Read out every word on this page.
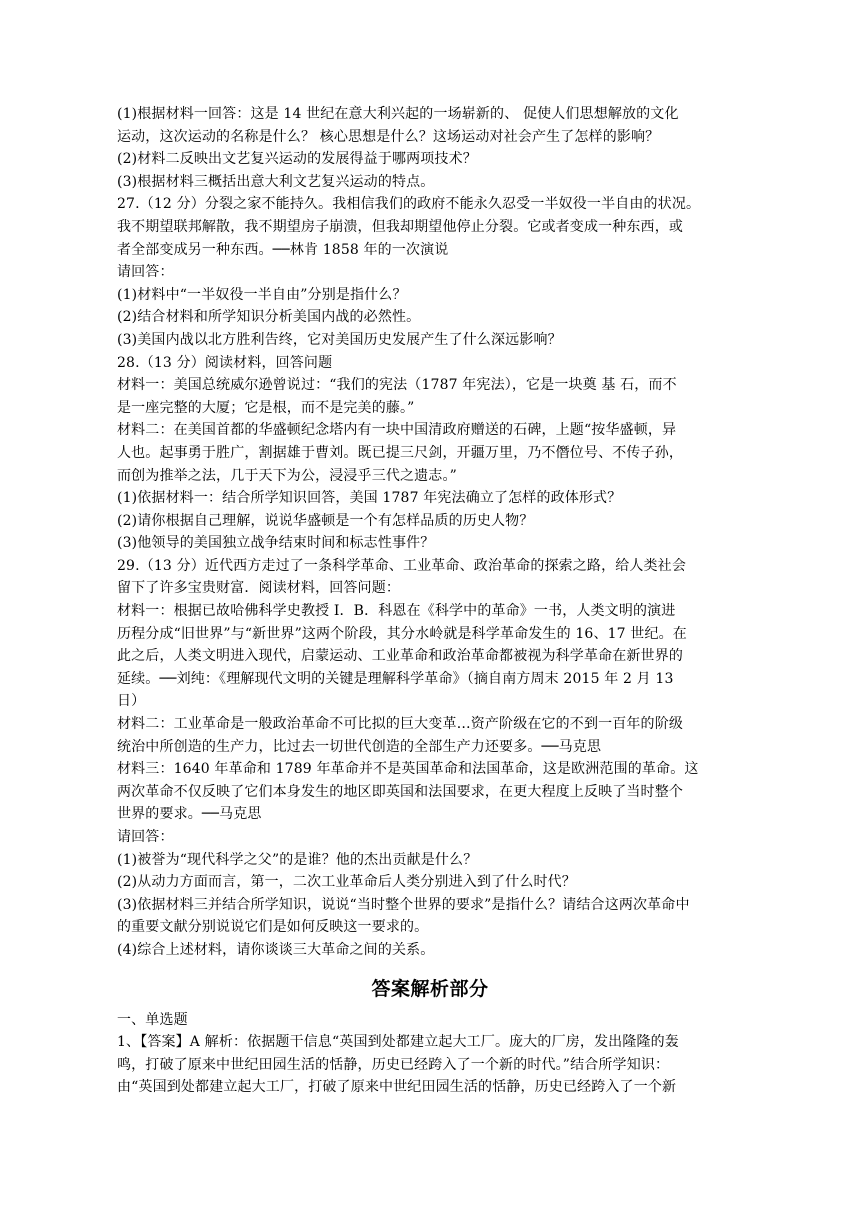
(1)根据材料一回答：这是 14 世纪在意大利兴起的一场崭新的、 促使人们思想解放的文化
运动，这次运动的名称是什么？ 核心思想是什么？这场运动对社会产生了怎样的影响？
(2)材料二反映出文艺复兴运动的发展得益于哪两项技术？
(3)根据材料三概括出意大利文艺复兴运动的特点。
27.（12 分）分裂之家不能持久。我相信我们的政府不能永久忍受一半奴役一半自由的状况。
我不期望联邦解散，我不期望房子崩溃，但我却期望他停止分裂。它或者变成一种东西，或
者全部变成另一种东西。──林肯 1858 年的一次演说
请回答：
(1)材料中“一半奴役一半自由”分别是指什么？
(2)结合材料和所学知识分析美国内战的必然性。
(3)美国内战以北方胜利告终，它对美国历史发展产生了什么深远影响？
28.（13 分）阅读材料，回答问题
材料一：美国总统威尔逊曾说过：“我们的宪法（1787 年宪法），它是一块奠 基 石，而不
是一座完整的大厦；它是根，而不是完美的藤。”
材料二：在美国首都的华盛顿纪念塔内有一块中国清政府赠送的石碑，上题“按华盛顿，异
人也。起事勇于胜广，割据雄于曹刘。既已提三尺剑，开疆万里，乃不僭位号、不传子孙，
而创为推举之法，几于天下为公，浸浸乎三代之遗志。”
(1)依据材料一：结合所学知识回答，美国 1787 年宪法确立了怎样的政体形式？
(2)请你根据自己理解，说说华盛顿是一个有怎样品质的历史人物？
(3)他领导的美国独立战争结束时间和标志性事件？
29.（13 分）近代西方走过了一条科学革命、工业革命、政治革命的探索之路，给人类社会
留下了许多宝贵财富．阅读材料，回答问题：
材料一：根据已故哈佛科学史教授 I．B．科恩在《科学中的革命》一书，人类文明的演进
历程分成“旧世界”与“新世界”这两个阶段，其分水岭就是科学革命发生的 16、17 世纪。在
此之后，人类文明进入现代，启蒙运动、工业革命和政治革命都被视为科学革命在新世界的
延续。──刘纯：《理解现代文明的关键是理解科学革命》（摘自南方周末 2015 年 2 月 13
日）
材料二：工业革命是一般政治革命不可比拟的巨大变革…资产阶级在它的不到一百年的阶级
统治中所创造的生产力，比过去一切世代创造的全部生产力还要多。──马克思
材料三：1640 年革命和 1789 年革命并不是英国革命和法国革命，这是欧洲范围的革命。这
两次革命不仅反映了它们本身发生的地区即英国和法国要求，在更大程度上反映了当时整个
世界的要求。──马克思
请回答：
(1)被誉为“现代科学之父”的是谁？他的杰出贡献是什么？
(2)从动力方面而言，第一，二次工业革命后人类分别进入到了什么时代？
(3)依据材料三并结合所学知识，说说“当时整个世界的要求”是指什么？请结合这两次革命中
的重要文献分别说说它们是如何反映这一要求的。
(4)综合上述材料，请你谈谈三大革命之间的关系。
答案解析部分
一、单选题
1、【答案】A 解析：依据题干信息“英国到处都建立起大工厂。庞大的厂房，发出隆隆的轰
鸣，打破了原来中世纪田园生活的恬静，历史已经跨入了一个新的时代。”结合所学知识：
由“英国到处都建立起大工厂，打破了原来中世纪田园生活的恬静，历史已经跨入了一个新
